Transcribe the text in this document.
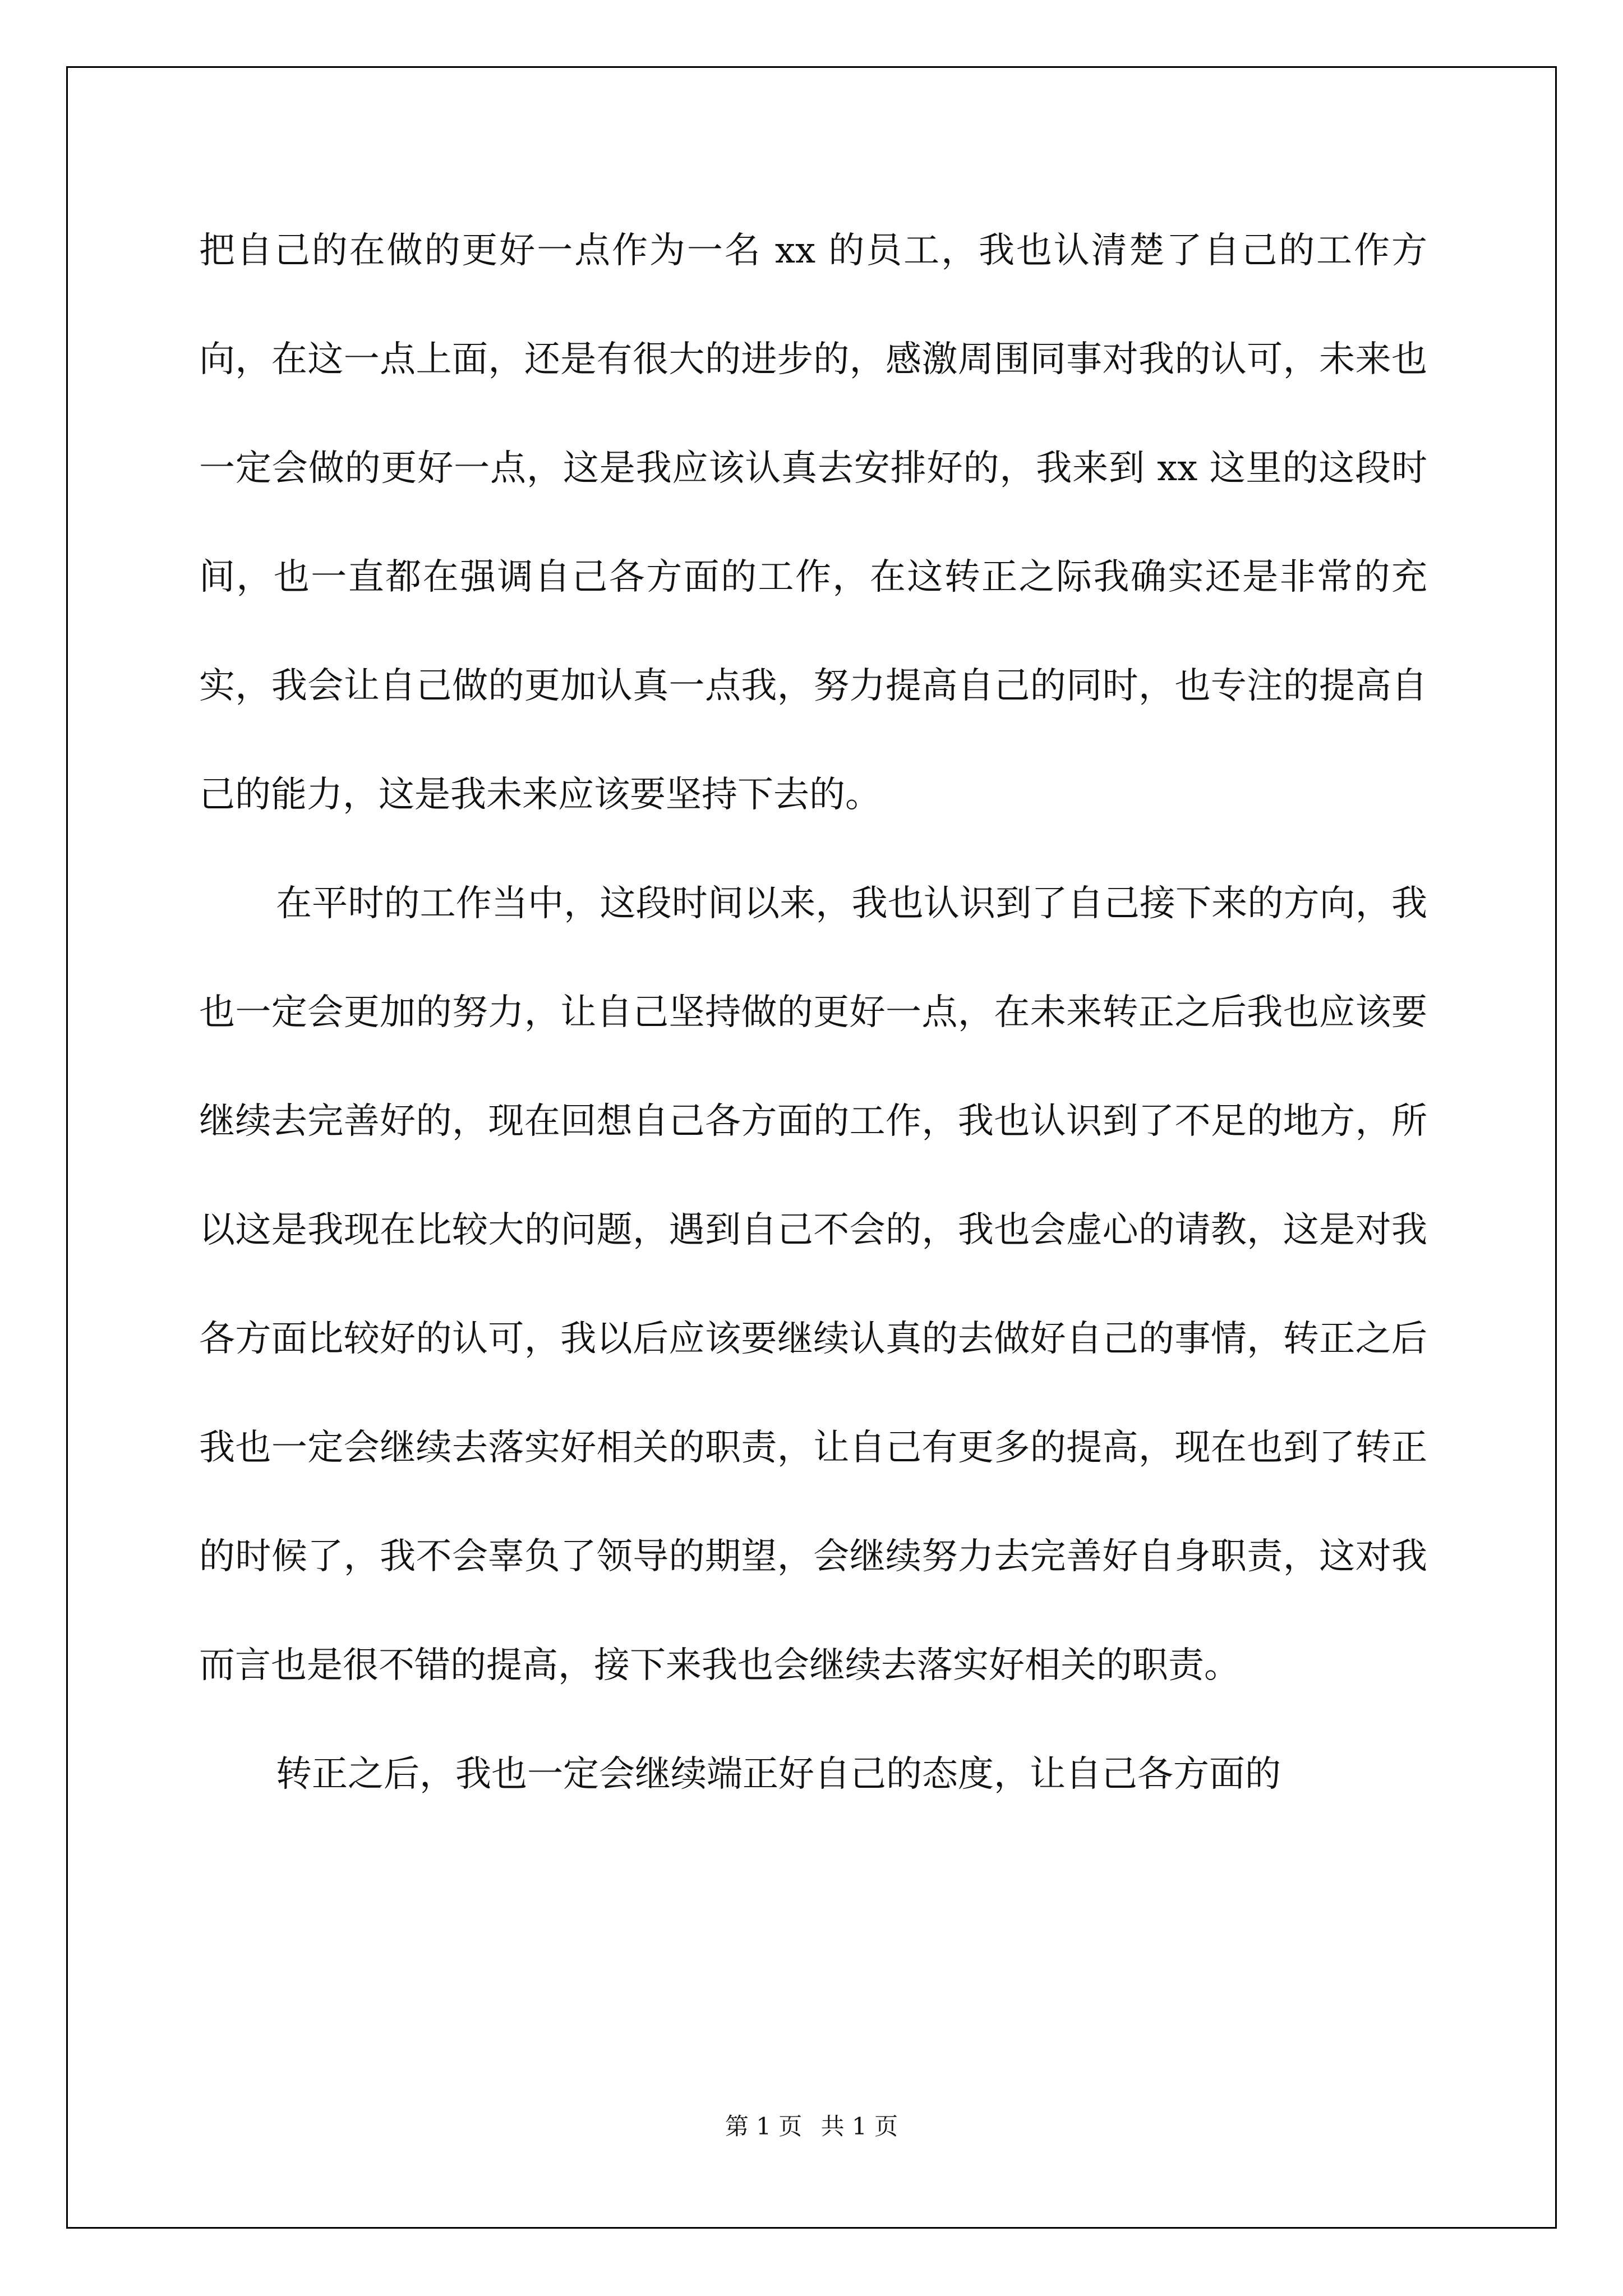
把自己的在做的更好一点作为一名 xx 的员工，我也认清楚了自己的工作方向，在这一点上面，还是有很大的进步的，感激周围同事对我的认可，未来也一定会做的更好一点，这是我应该认真去安排好的，我来到 xx 这里的这段时间，也一直都在强调自己各方面的工作，在这转正之际我确实还是非常的充实，我会让自己做的更加认真一点我，努力提高自己的同时，也专注的提高自己的能力，这是我未来应该要坚持下去的。

在平时的工作当中，这段时间以来，我也认识到了自己接下来的方向，我也一定会更加的努力，让自己坚持做的更好一点，在未来转正之后我也应该要继续去完善好的，现在回想自己各方面的工作，我也认识到了不足的地方，所以这是我现在比较大的问题，遇到自己不会的，我也会虚心的请教，这是对我各方面比较好的认可，我以后应该要继续认真的去做好自己的事情，转正之后我也一定会继续去落实好相关的职责，让自己有更多的提高，现在也到了转正的时候了，我不会辜负了领导的期望，会继续努力去完善好自身职责，这对我而言也是很不错的提高，接下来我也会继续去落实好相关的职责。

转正之后，我也一定会继续端正好自己的态度，让自己各方面的

第 1 页 共 1 页
